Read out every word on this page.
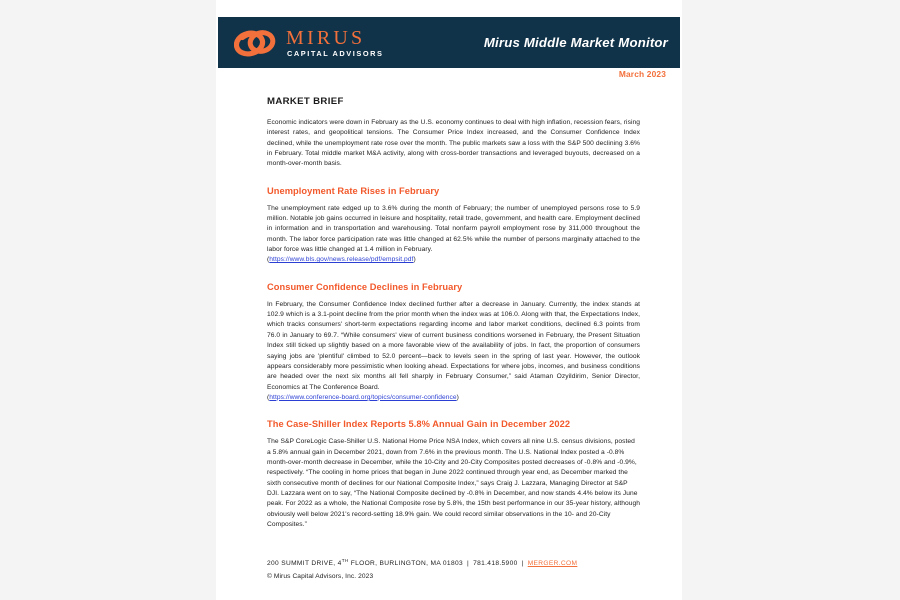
MIRUS
CAPITAL ADVISORS
Mirus Middle Market Monitor
March 2023
MARKET BRIEF

Economic indicators were down in February as the U.S. economy continues to deal with high inflation, recession fears, rising interest rates, and geopolitical tensions. The Consumer Price Index increased, and the Consumer Confidence Index declined, while the unemployment rate rose over the month. The public markets saw a loss with the S&P 500 declining 3.6% in February. Total middle market M&A activity, along with cross-border transactions and leveraged buyouts, decreased on a month-over-month basis.

Unemployment Rate Rises in February

The unemployment rate edged up to 3.6% during the month of February; the number of unemployed persons rose to 5.9 million. Notable job gains occurred in leisure and hospitality, retail trade, government, and health care. Employment declined in information and in transportation and warehousing. Total nonfarm payroll employment rose by 311,000 throughout the month. The labor force participation rate was little changed at 62.5% while the number of persons marginally attached to the labor force was little changed at 1.4 million in February.

(https://www.bls.gov/news.release/pdf/empsit.pdf)

Consumer Confidence Declines in February

In February, the Consumer Confidence Index declined further after a decrease in January. Currently, the index stands at 102.9 which is a 3.1-point decline from the prior month when the index was at 106.0. Along with that, the Expectations Index, which tracks consumers' short-term expectations regarding income and labor market conditions, declined 6.3 points from 76.0 in January to 69.7. “While consumers' view of current business conditions worsened in February, the Present Situation Index still ticked up slightly based on a more favorable view of the availability of jobs. In fact, the proportion of consumers saying jobs are 'plentiful' climbed to 52.0 percent—back to levels seen in the spring of last year. However, the outlook appears considerably more pessimistic when looking ahead. Expectations for where jobs, incomes, and business conditions are headed over the next six months all fell sharply in February Consumer,” said Ataman Ozyildirim, Senior Director, Economics at The Conference Board.

(https://www.conference-board.org/topics/consumer-confidence)

The Case-Shiller Index Reports 5.8% Annual Gain in December 2022

The S&P CoreLogic Case-Shiller U.S. National Home Price NSA Index, which covers all nine U.S. census divisions, posted a 5.8% annual gain in December 2021, down from 7.6% in the previous month. The U.S. National Index posted a -0.8% month-over-month decrease in December, while the 10-City and 20-City Composites posted decreases of -0.8% and -0.9%, respectively. “The cooling in home prices that began in June 2022 continued through year end, as December marked the sixth consecutive month of declines for our National Composite Index,” says Craig J. Lazzara, Managing Director at S&P DJI. Lazzara went on to say, “The National Composite declined by -0.8% in December, and now stands 4.4% below its June peak. For 2022 as a whole, the National Composite rose by 5.8%, the 15th best performance in our 35-year history, although obviously well below 2021's record-setting 18.9% gain. We could record similar observations in the 10- and 20-City Composites.”

200 SUMMIT DRIVE, 4TH FLOOR, BURLINGTON, MA 01803 | 781.418.5900 | MERGER.COM
© Mirus Capital Advisors, Inc. 2023
